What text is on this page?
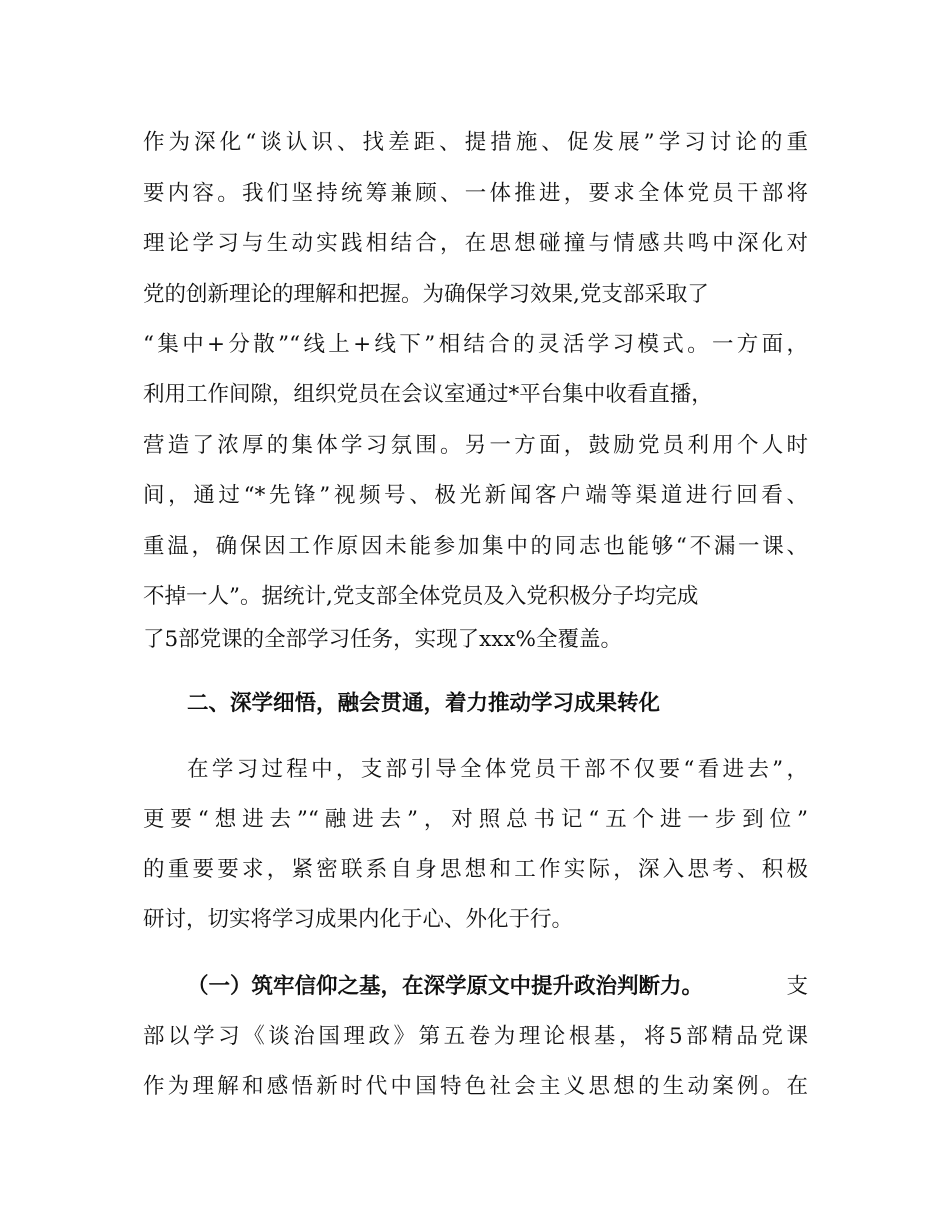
作为深化“谈认识、找差距、提措施、促发展”学习讨论的重
要内容。我们坚持统筹兼顾、一体推进，要求全体党员干部将
理论学习与生动实践相结合，在思想碰撞与情感共鸣中深化对
党的创新理论的理解和把握。为确保学习效果,党支部采取了
“集中+分散”“线上+线下”相结合的灵活学习模式。一方面，
利用工作间隙，组织党员在会议室通过*平台集中收看直播，
营造了浓厚的集体学习氛围。另一方面，鼓励党员利用个人时
间，通过“*先锋”视频号、极光新闻客户端等渠道进行回看、
重温，确保因工作原因未能参加集中的同志也能够“不漏一课、
不掉一人”。据统计,党支部全体党员及入党积极分子均完成
了5部党课的全部学习任务，实现了xxx%全覆盖。
二、深学细悟，融会贯通，着力推动学习成果转化
在学习过程中，支部引导全体党员干部不仅要“看进去”，
更要“想进去”“融进去”，对照总书记“五个进一步到位”
的重要要求，紧密联系自身思想和工作实际，深入思考、积极
研讨，切实将学习成果内化于心、外化于行。
（一）筑牢信仰之基，在深学原文中提升政治判断力。	支
部以学习《谈治国理政》第五卷为理论根基，将5部精品党课
作为理解和感悟新时代中国特色社会主义思想的生动案例。在
